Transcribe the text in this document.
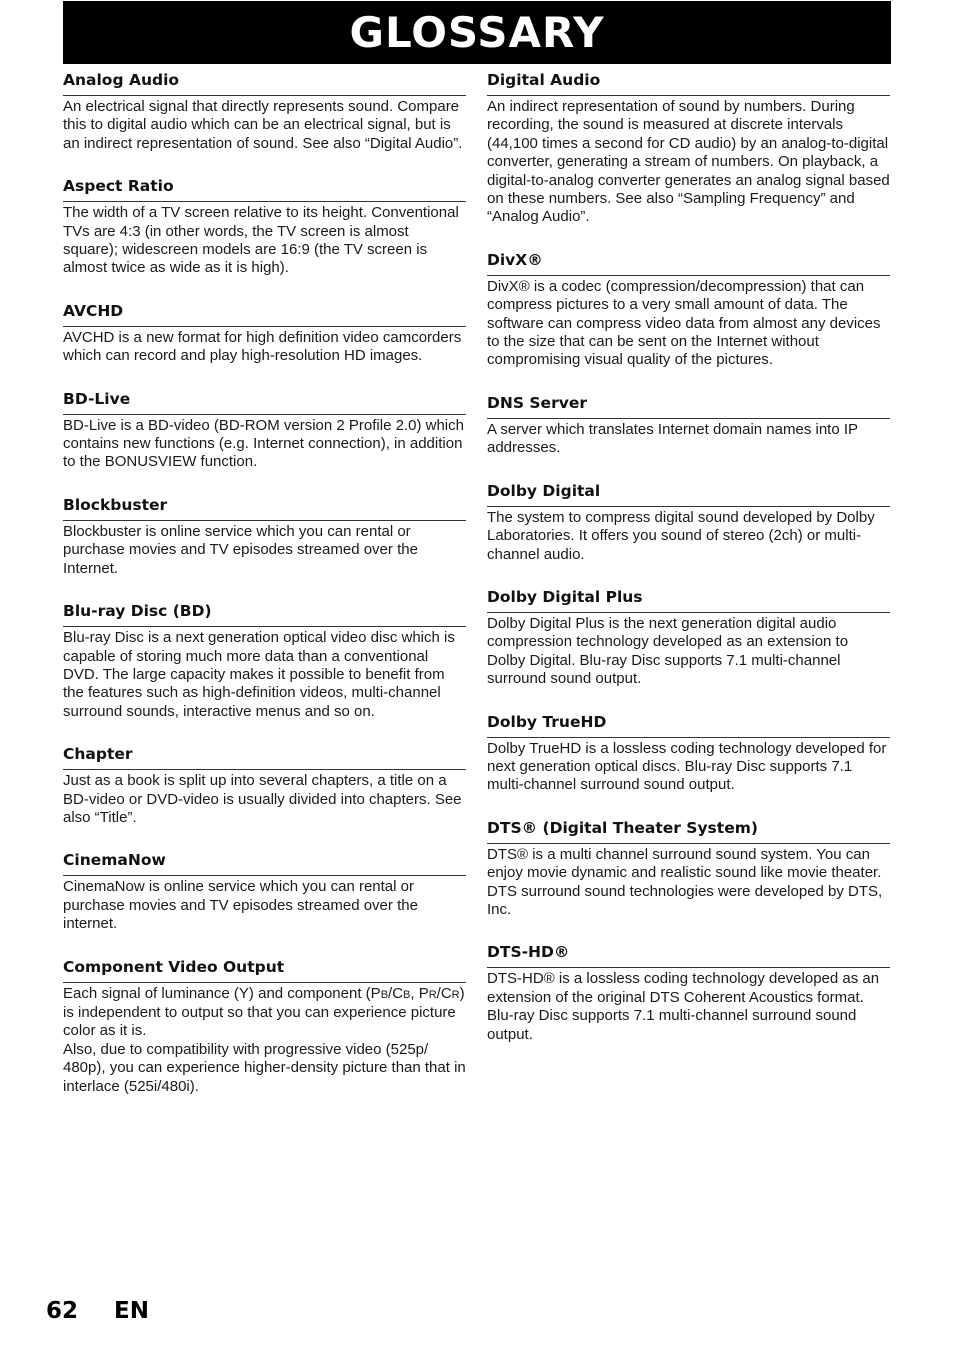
GLOSSARY
Analog Audio

An electrical signal that directly represents sound. Compare this to digital audio which can be an electrical signal, but is an indirect representation of sound. See also “Digital Audio”.

Aspect Ratio

The width of a TV screen relative to its height. Conventional TVs are 4:3 (in other words, the TV screen is almost square); widescreen models are 16:9 (the TV screen is almost twice as wide as it is high).

AVCHD

AVCHD is a new format for high definition video camcorders which can record and play high-resolution HD images.

BD-Live

BD-Live is a BD-video (BD-ROM version 2 Profile 2.0) which contains new functions (e.g. Internet connection), in addition to the BONUSVIEW function.

Blockbuster

Blockbuster is online service which you can rental or purchase movies and TV episodes streamed over the Internet.

Blu-ray Disc (BD)

Blu-ray Disc is a next generation optical video disc which is capable of storing much more data than a conventional DVD. The large capacity makes it possible to benefit from the features such as high-definition videos, multi-channel surround sounds, interactive menus and so on.

Chapter

Just as a book is split up into several chapters, a title on a BD-video or DVD-video is usually divided into chapters. See also “Title”.

CinemaNow

CinemaNow is online service which you can rental or purchase movies and TV episodes streamed over the internet.

Component Video Output

Each signal of luminance (Y) and component (PB/CB, PR/CR) is independent to output so that you can experience picture color as it is.

Also, due to compatibility with progressive video (525p/ 480p), you can experience higher-density picture than that in interlace (525i/480i).

Digital Audio

An indirect representation of sound by numbers. During recording, the sound is measured at discrete intervals (44,100 times a second for CD audio) by an analog-to-digital converter, generating a stream of numbers. On playback, a digital-to-analog converter generates an analog signal based on these numbers. See also “Sampling Frequency” and “Analog Audio”.

DivX®

DivX® is a codec (compression/decompression) that can compress pictures to a very small amount of data. The software can compress video data from almost any devices to the size that can be sent on the Internet without compromising visual quality of the pictures.

DNS Server

A server which translates Internet domain names into IP addresses.

Dolby Digital

The system to compress digital sound developed by Dolby Laboratories. It offers you sound of stereo (2ch) or multi-channel audio.

Dolby Digital Plus

Dolby Digital Plus is the next generation digital audio compression technology developed as an extension to Dolby Digital. Blu-ray Disc supports 7.1 multi-channel surround sound output.

Dolby TrueHD

Dolby TrueHD is a lossless coding technology developed for next generation optical discs. Blu-ray Disc supports 7.1 multi-channel surround sound output.

DTS® (Digital Theater System)

DTS® is a multi channel surround sound system. You can enjoy movie dynamic and realistic sound like movie theater. DTS surround sound technologies were developed by DTS, Inc.

DTS-HD®

DTS-HD® is a lossless coding technology developed as an extension of the original DTS Coherent Acoustics format. Blu-ray Disc supports 7.1 multi-channel surround sound output.

62 EN
